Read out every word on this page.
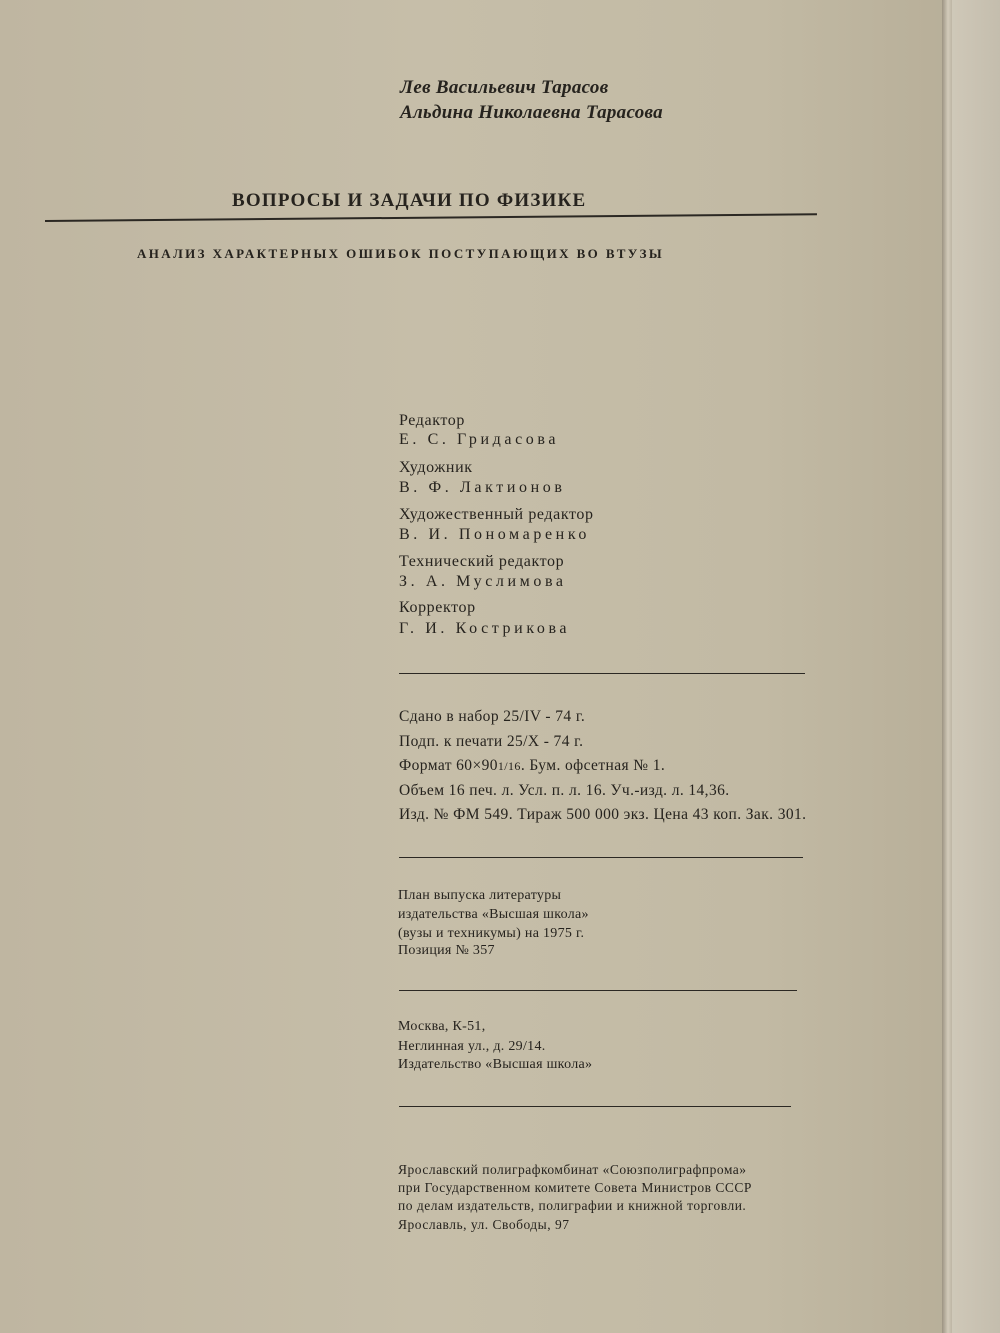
Лев Васильевич Тарасов
Альдина Николаевна Тарасова
ВОПРОСЫ И ЗАДАЧИ ПО ФИЗИКЕ
АНАЛИЗ ХАРАКТЕРНЫХ ОШИБОК ПОСТУПАЮЩИХ ВО ВТУЗЫ
Редактор
Е. С. Гридасова
Художник
В. Ф. Лактионов
Художественный редактор
В. И. Пономаренко
Технический редактор
З. А. Муслимова
Корректор
Г. И. Кострикова
Сдано в набор 25/IV - 74 г.
Подп. к печати 25/X - 74 г.
Формат 60×901/16. Бум. офсетная № 1.
Объем 16 печ. л. Усл. п. л. 16. Уч.-изд. л. 14,36.
Изд. № ФМ 549. Тираж 500 000 экз. Цена 43 коп. Зак. 301.
План выпуска литературы
издательства «Высшая школа»
(вузы и техникумы) на 1975 г.
Позиция № 357
Москва, К-51,
Неглинная ул., д. 29/14.
Издательство «Высшая школа»
Ярославский полиграфкомбинат «Союзполиграфпрома»
при Государственном комитете Совета Министров СССР
по делам издательств, полиграфии и книжной торговли.
Ярославль, ул. Свободы, 97
